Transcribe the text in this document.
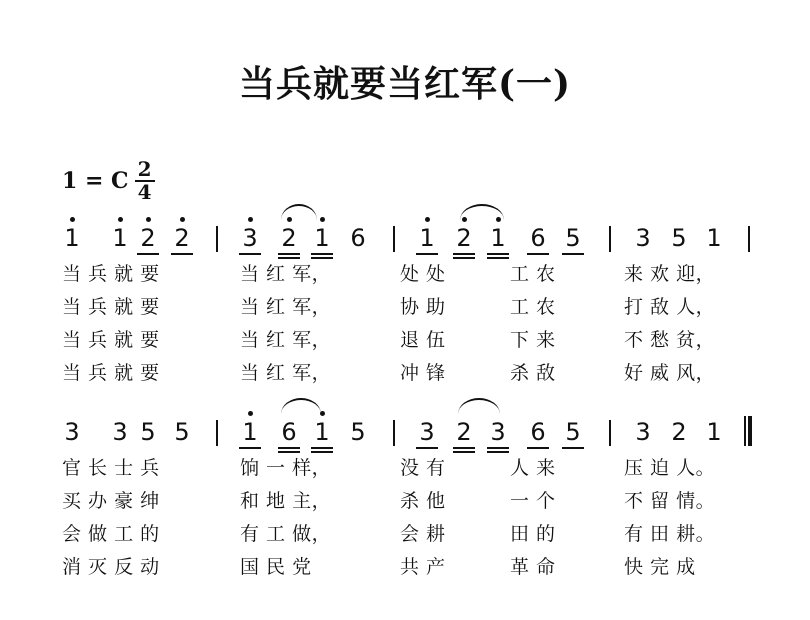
当兵就要当红军(一)
1 = C $\frac{2}{4}$
1 1 2 2 3 2 1 6 1 2 1 6 5 3 5 1
当 兵 就 要
当 兵 就 要
当 兵 就 要
当 兵 就 要
当 红 军，
当 红 军，
当 红 军，
当 红 军，
处 处
协 助
退 伍
冲 锋
工 农
工 农
下 来
杀 敌
来 欢 迎，
打 敌 人，
不 愁 贫，
好 威 风，
3 3 5 5 1 6 1 5 3 2 3 6 5 3 2 1
官 长 士 兵
买 办 豪 绅
会 做 工 的
消 灭 反 动
饷 一 样，
和 地 主，
有 工 做，
国 民 党
没 有
杀 他
会 耕
共 产
人 来
一 个
田 的
革 命
压 迫 人。
不 留 情。
有 田 耕。
快 完 成
